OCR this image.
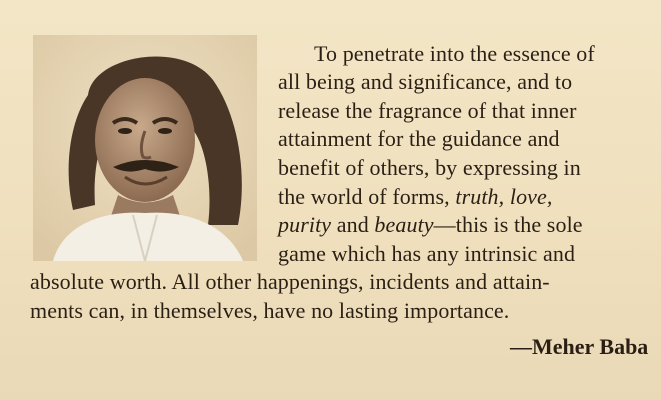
To penetrate into the essence of
all being and significance, and to
release the fragrance of that inner
attainment for the guidance and
benefit of others, by expressing in
the world of forms, truth, love,
purity and beauty—this is the sole
game which has any intrinsic and
absolute worth. All other happenings, incidents and attain-
ments can, in themselves, have no lasting importance.
—Meher Baba
